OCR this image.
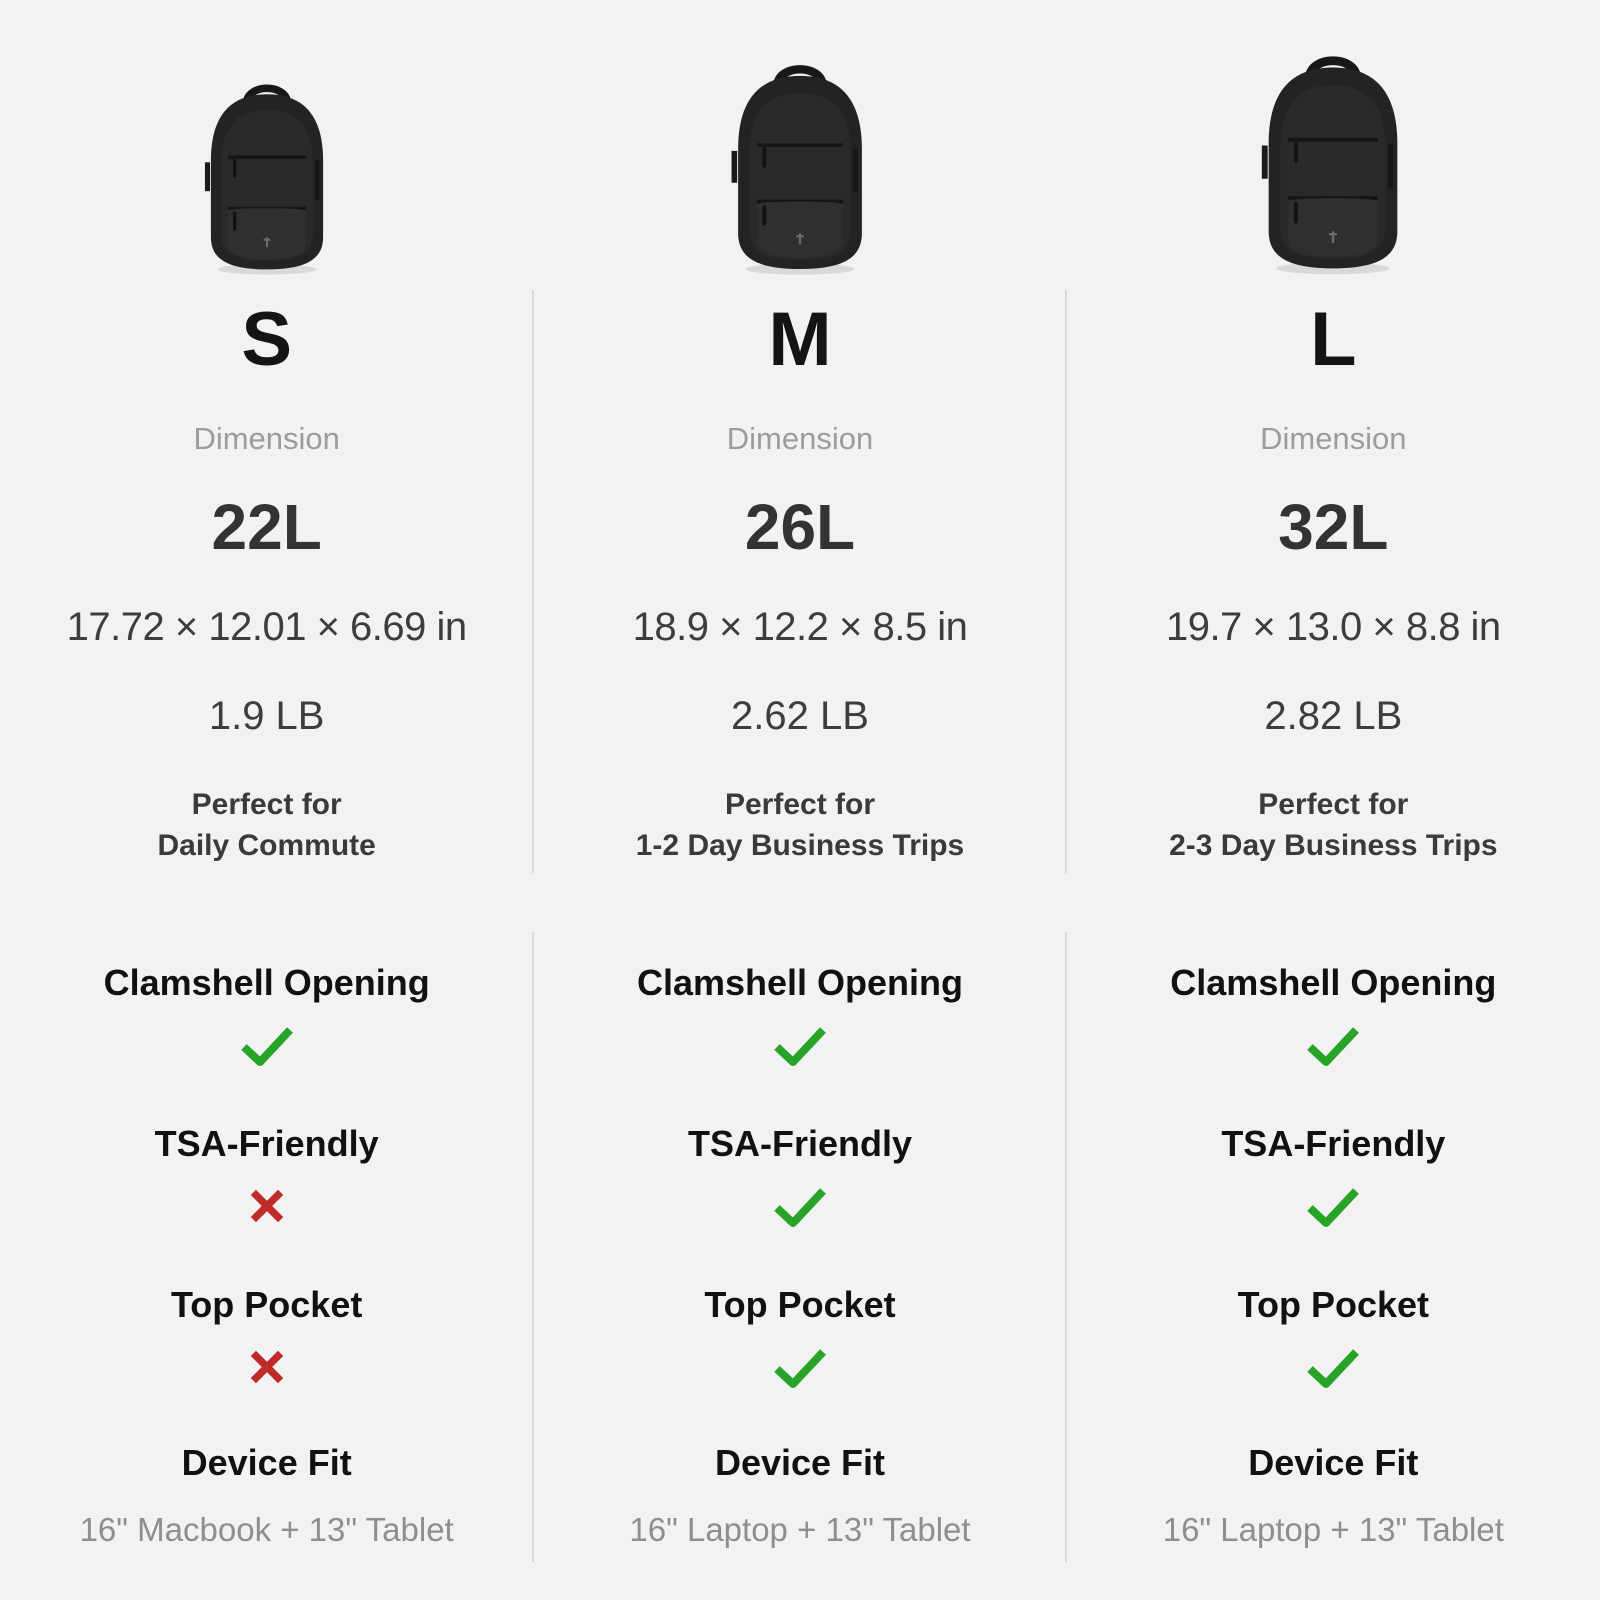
S
Dimension
22L
17.72 × 12.01 × 6.69 in
1.9 LB
Perfect for
Daily Commute
Clamshell Opening
TSA-Friendly
Top Pocket
Device Fit
16" Macbook + 13" Tablet
M
Dimension
26L
18.9 × 12.2 × 8.5 in
2.62 LB
Perfect for
1-2 Day Business Trips
Clamshell Opening
TSA-Friendly
Top Pocket
Device Fit
16" Laptop + 13" Tablet
L
Dimension
32L
19.7 × 13.0 × 8.8 in
2.82 LB
Perfect for
2-3 Day Business Trips
Clamshell Opening
TSA-Friendly
Top Pocket
Device Fit
16" Laptop + 13" Tablet
